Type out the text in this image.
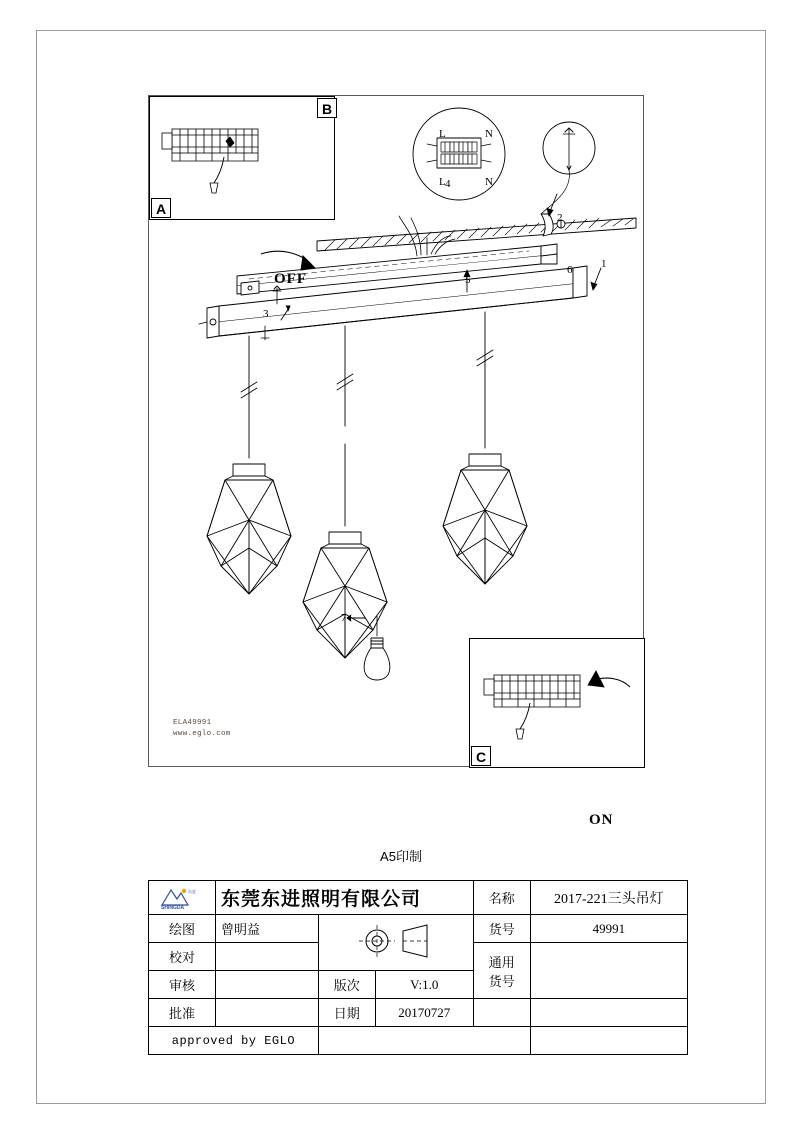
A
B
OFF
L
L
N
N
4
2
1
6
5
3
7
C
ON
ELA49991
www.eglo.com
A5印制
东进
SHINGDA	东莞东进照明有限公司			名称	2017-221三头吊灯
绘图	曾明益			货号	49991
校对				通用
货号	

审核		版次	V:1.0		
批准		日期	20170727		
approved by EGLO					
